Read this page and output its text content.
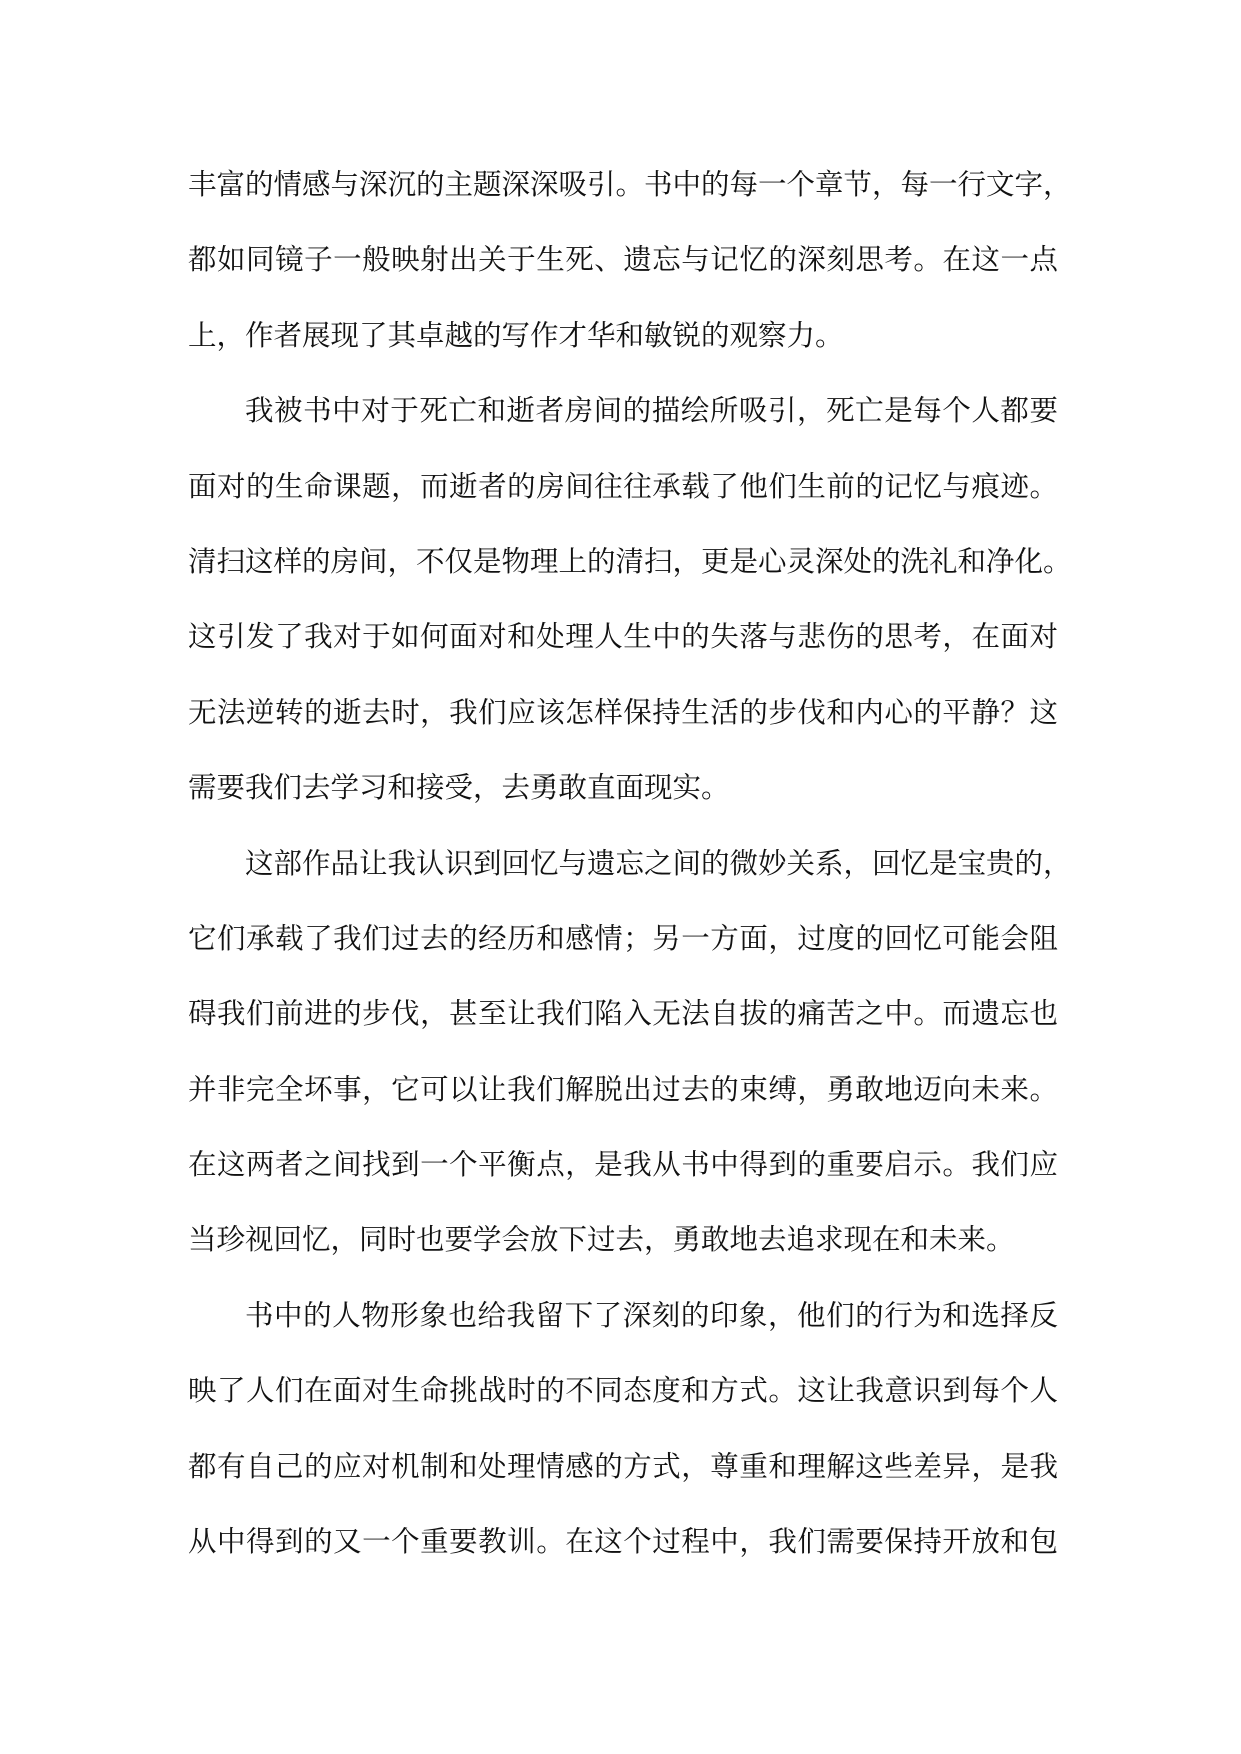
丰富的情感与深沉的主题深深吸引。书中的每一个章节，每一行文字，
都如同镜子一般映射出关于生死、遗忘与记忆的深刻思考。在这一点
上，作者展现了其卓越的写作才华和敏锐的观察力。
我被书中对于死亡和逝者房间的描绘所吸引，死亡是每个人都要
面对的生命课题，而逝者的房间往往承载了他们生前的记忆与痕迹。
清扫这样的房间，不仅是物理上的清扫，更是心灵深处的洗礼和净化。
这引发了我对于如何面对和处理人生中的失落与悲伤的思考，在面对
无法逆转的逝去时，我们应该怎样保持生活的步伐和内心的平静？这
需要我们去学习和接受，去勇敢直面现实。
这部作品让我认识到回忆与遗忘之间的微妙关系，回忆是宝贵的，
它们承载了我们过去的经历和感情；另一方面，过度的回忆可能会阻
碍我们前进的步伐，甚至让我们陷入无法自拔的痛苦之中。而遗忘也
并非完全坏事，它可以让我们解脱出过去的束缚，勇敢地迈向未来。
在这两者之间找到一个平衡点，是我从书中得到的重要启示。我们应
当珍视回忆，同时也要学会放下过去，勇敢地去追求现在和未来。
书中的人物形象也给我留下了深刻的印象，他们的行为和选择反
映了人们在面对生命挑战时的不同态度和方式。这让我意识到每个人
都有自己的应对机制和处理情感的方式，尊重和理解这些差异，是我
从中得到的又一个重要教训。在这个过程中，我们需要保持开放和包
